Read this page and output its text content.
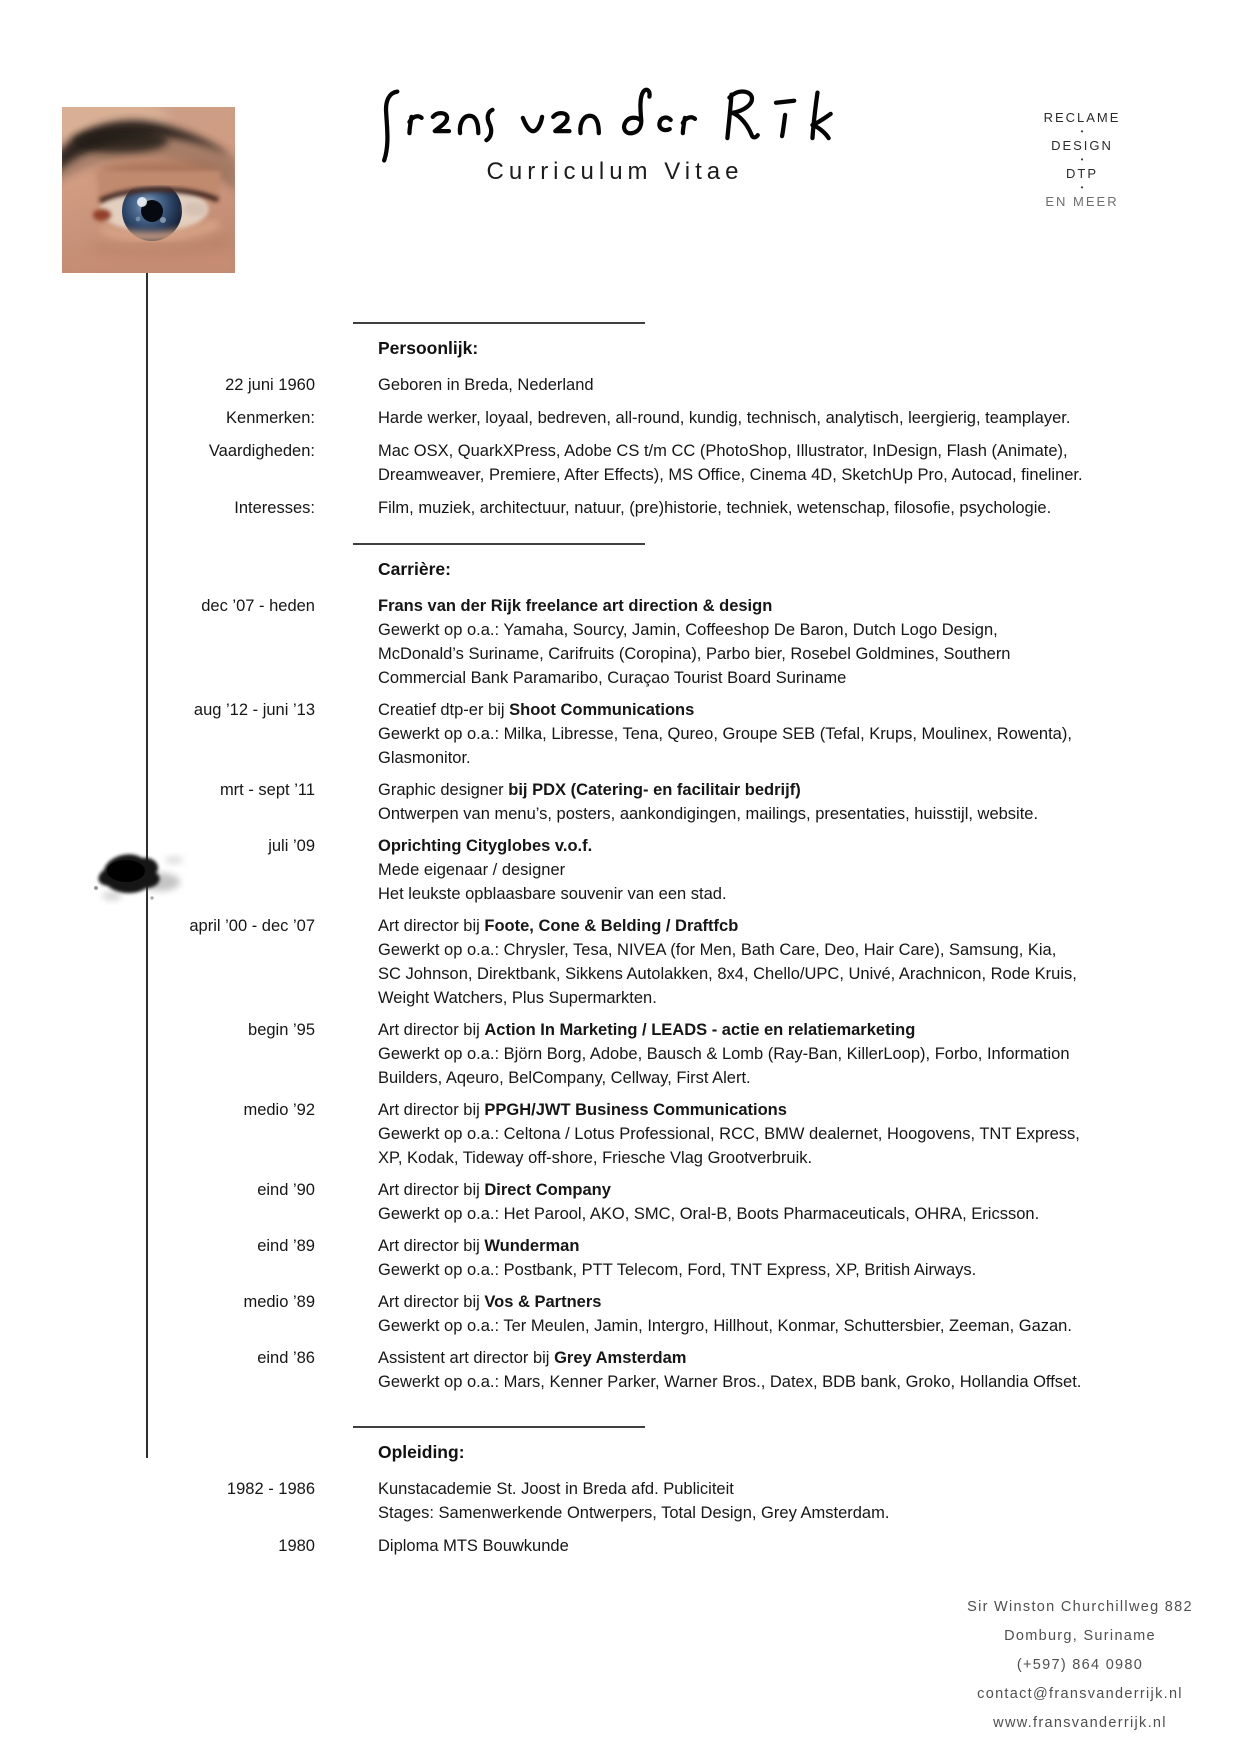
Curriculum Vitae
RECLAME
•
DESIGN
•
DTP
•
EN MEER
Persoonlijk:
22 juni 1960	Geboren in Breda, Nederland
Kenmerken:	Harde werker, loyaal, bedreven, all-round, kundig, technisch, analytisch, leergierig, teamplayer.
Vaardigheden:	Mac OSX, QuarkXPress, Adobe CS t/m CC (PhotoShop, Illustrator, InDesign, Flash (Animate),
Dreamweaver, Premiere, After Effects), MS Office, Cinema 4D, SketchUp Pro, Autocad, fineliner.
Interesses:	Film, muziek, architectuur, natuur, (pre)historie, techniek, wetenschap, filosofie, psychologie.
Carrière:
dec ’07 - heden	Frans van der Rijk freelance art direction & design
Gewerkt op o.a.: Yamaha, Sourcy, Jamin, Coffeeshop De Baron, Dutch Logo Design,
McDonald’s Suriname, Carifruits (Coropina), Parbo bier, Rosebel Goldmines, Southern
Commercial Bank Paramaribo, Curaçao Tourist Board Suriname
aug ’12 - juni ’13	Creatief dtp-er bij Shoot Communications
Gewerkt op o.a.: Milka, Libresse, Tena, Qureo, Groupe SEB (Tefal, Krups, Moulinex, Rowenta),
Glasmonitor.
mrt - sept ’11	Graphic designer bij PDX (Catering- en facilitair bedrijf)
Ontwerpen van menu’s, posters, aankondigingen, mailings, presentaties, huisstijl, website.
juli ’09	Oprichting Cityglobes v.o.f.
Mede eigenaar / designer
Het leukste opblaasbare souvenir van een stad.
april ’00 - dec ’07	Art director bij Foote, Cone & Belding / Draftfcb
Gewerkt op o.a.: Chrysler, Tesa, NIVEA (for Men, Bath Care, Deo, Hair Care), Samsung, Kia,
SC Johnson, Direktbank, Sikkens Autolakken, 8x4, Chello/UPC, Univé, Arachnicon, Rode Kruis,
Weight Watchers, Plus Supermarkten.
begin ’95	Art director bij Action In Marketing / LEADS - actie en relatiemarketing
Gewerkt op o.a.: Björn Borg, Adobe, Bausch & Lomb (Ray-Ban, KillerLoop), Forbo, Information
Builders, Aqeuro, BelCompany, Cellway, First Alert.
medio ’92	Art director bij PPGH/JWT Business Communications
Gewerkt op o.a.: Celtona / Lotus Professional, RCC, BMW dealernet, Hoogovens, TNT Express,
XP, Kodak, Tideway off-shore, Friesche Vlag Grootverbruik.
eind ’90	Art director bij Direct Company
Gewerkt op o.a.: Het Parool, AKO, SMC, Oral-B, Boots Pharmaceuticals, OHRA, Ericsson.
eind ’89	Art director bij Wunderman
Gewerkt op o.a.: Postbank, PTT Telecom, Ford, TNT Express, XP, British Airways.
medio ’89	Art director bij Vos & Partners
Gewerkt op o.a.: Ter Meulen, Jamin, Intergro, Hillhout, Konmar, Schuttersbier, Zeeman, Gazan.
eind ’86	Assistent art director bij Grey Amsterdam
Gewerkt op o.a.: Mars, Kenner Parker, Warner Bros., Datex, BDB bank, Groko, Hollandia Offset.
Opleiding:
1982 - 1986	Kunstacademie St. Joost in Breda afd. Publiciteit
Stages: Samenwerkende Ontwerpers, Total Design, Grey Amsterdam.
1980	Diploma MTS Bouwkunde
Sir Winston Churchillweg 882
Domburg, Suriname
(+597) 864 0980
contact@fransvanderrijk.nl
www.fransvanderrijk.nl
